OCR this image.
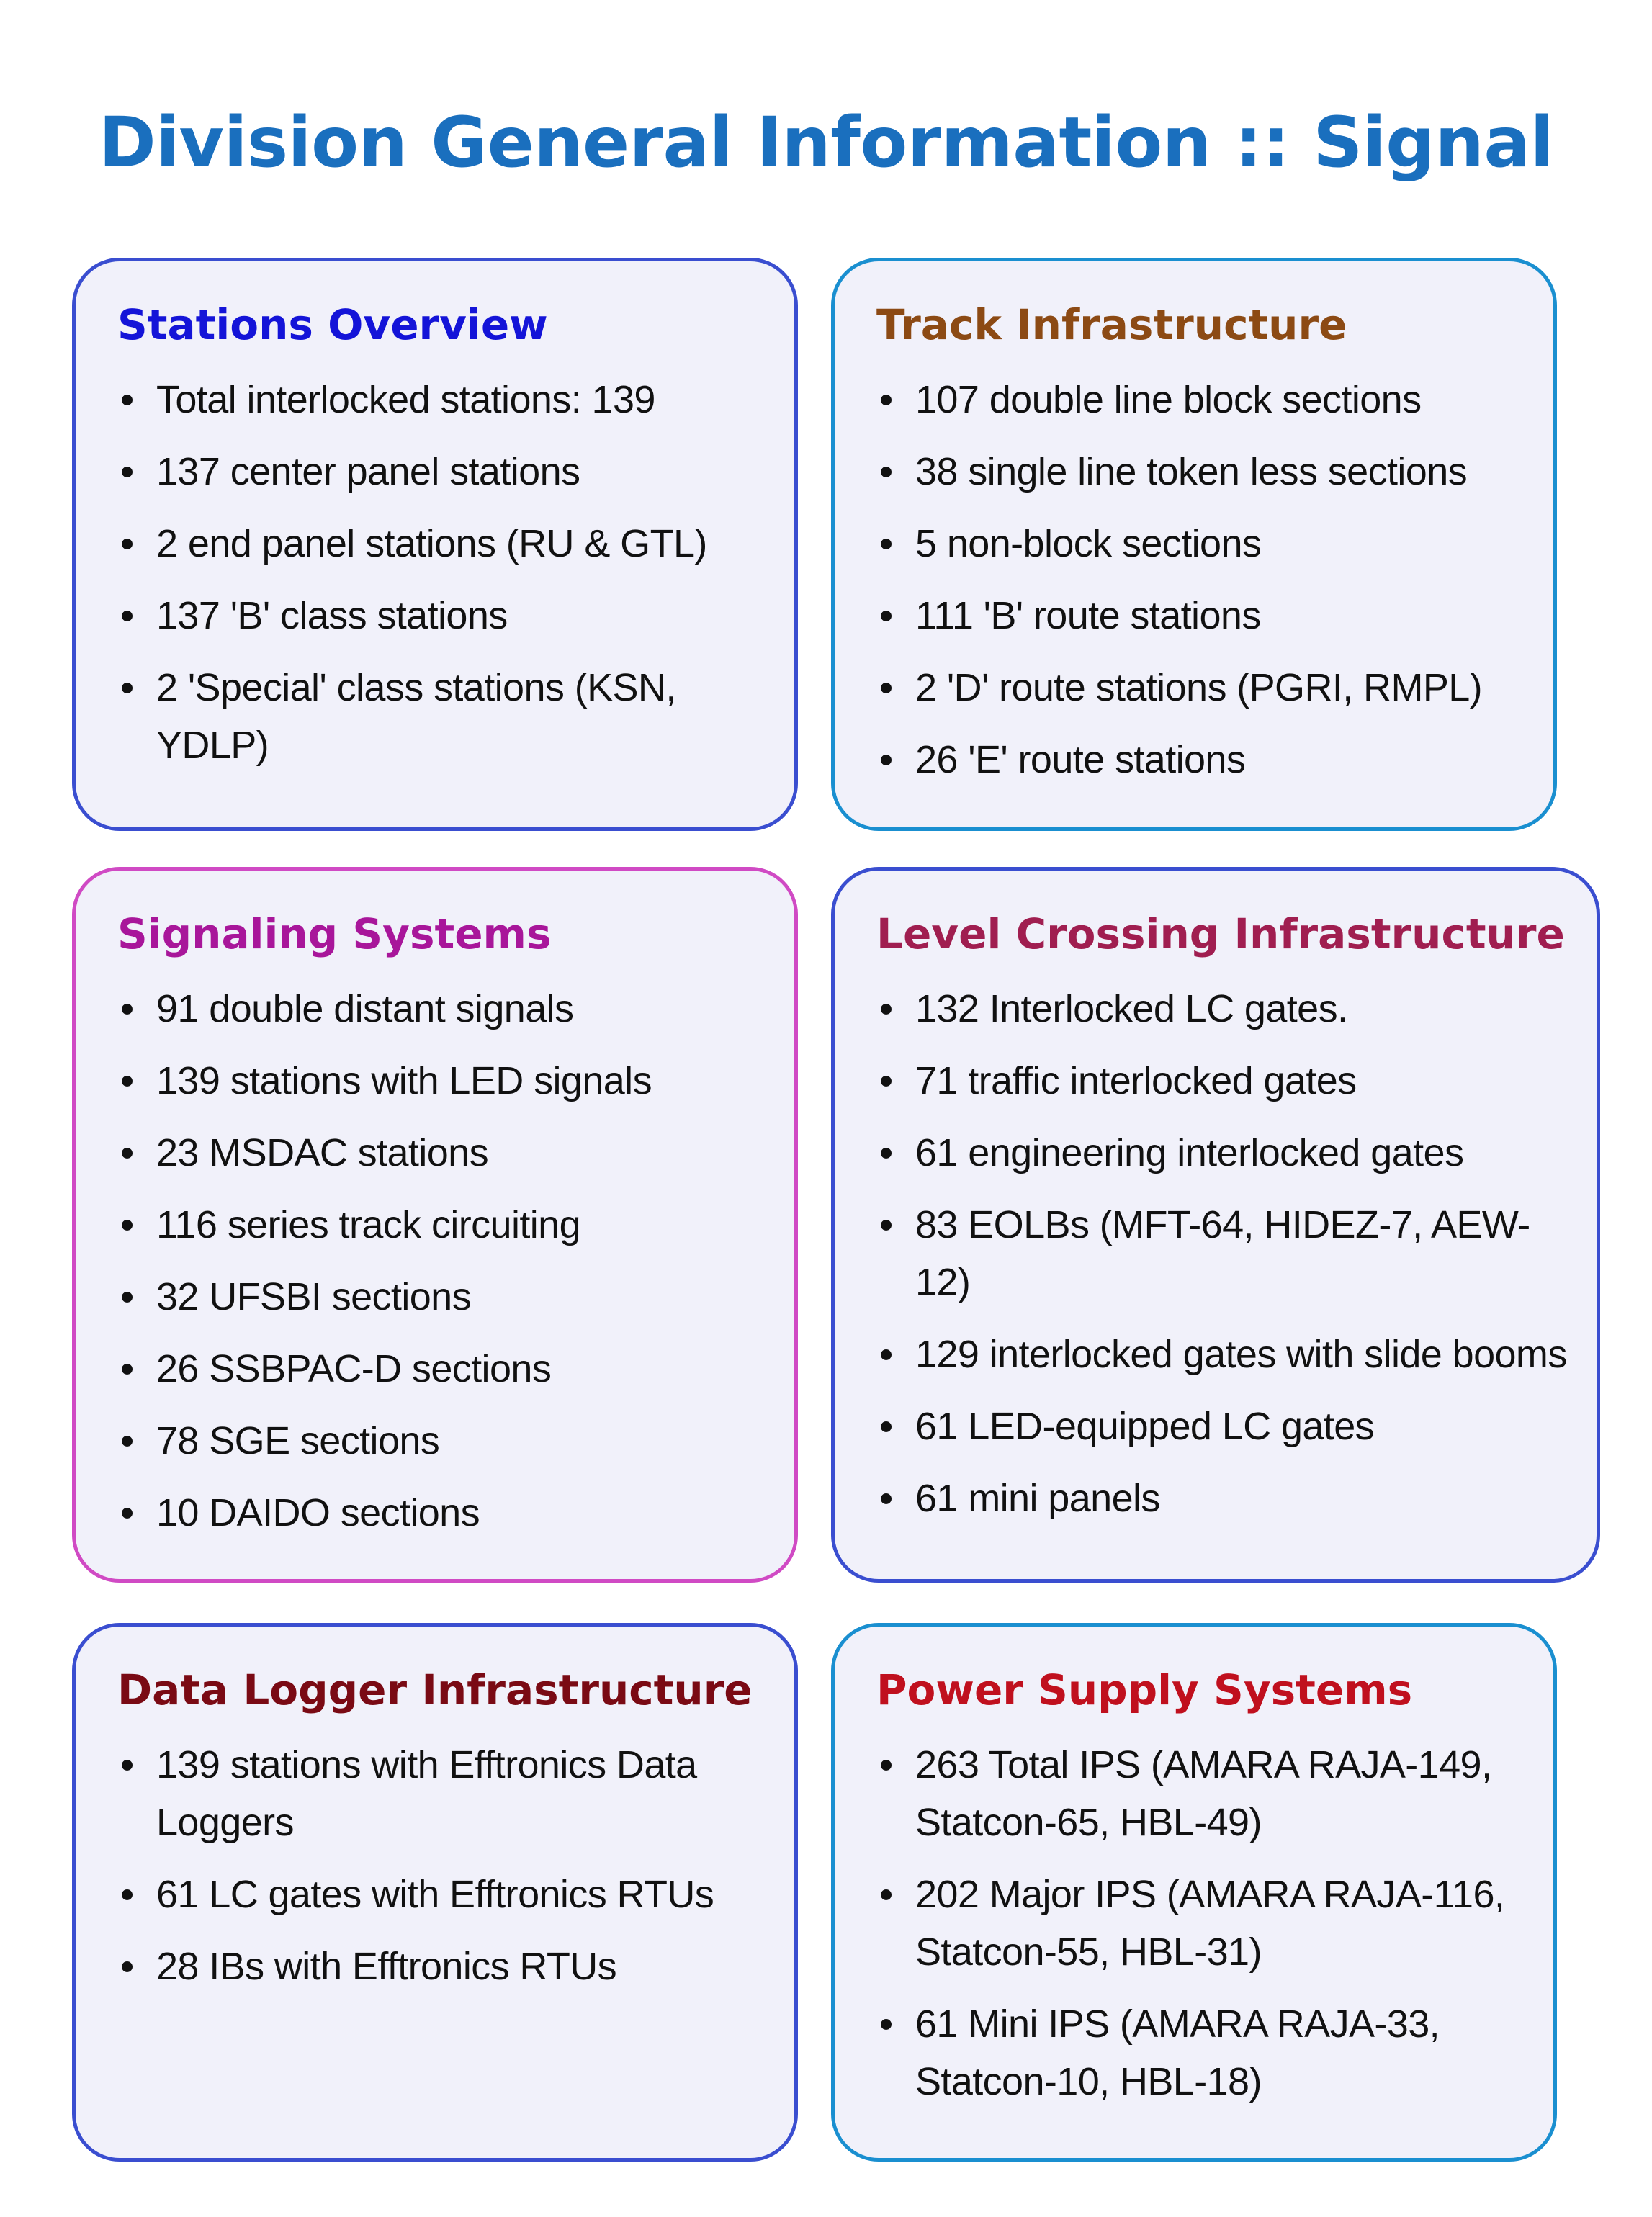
Division General Information :: Signal
Stations Overview
Total interlocked stations: 139
137 center panel stations
2 end panel stations (RU & GTL)
137 'B' class stations
2 'Special' class stations (KSN, YDLP)
Track Infrastructure
107 double line block sections
38 single line token less sections
5 non-block sections
111 'B' route stations
2 'D' route stations (PGRI, RMPL)
26 'E' route stations
Signaling Systems
91 double distant signals
139 stations with LED signals
23 MSDAC stations
116 series track circuiting
32 UFSBI sections
26 SSBPAC-D sections
78 SGE sections
10 DAIDO sections
Level Crossing Infrastructure
132 Interlocked LC gates.
71 traffic interlocked gates
61 engineering interlocked gates
83 EOLBs (MFT-64, HIDEZ-7, AEW-12)
129 interlocked gates with slide booms
61 LED-equipped LC gates
61 mini panels
Data Logger Infrastructure
139 stations with Efftronics Data Loggers
61 LC gates with Efftronics RTUs
28 IBs with Efftronics RTUs
Power Supply Systems
263 Total IPS (AMARA RAJA-149, Statcon-65, HBL-49)
202 Major IPS (AMARA RAJA-116, Statcon-55, HBL-31)
61 Mini IPS (AMARA RAJA-33, Statcon-10, HBL-18)
